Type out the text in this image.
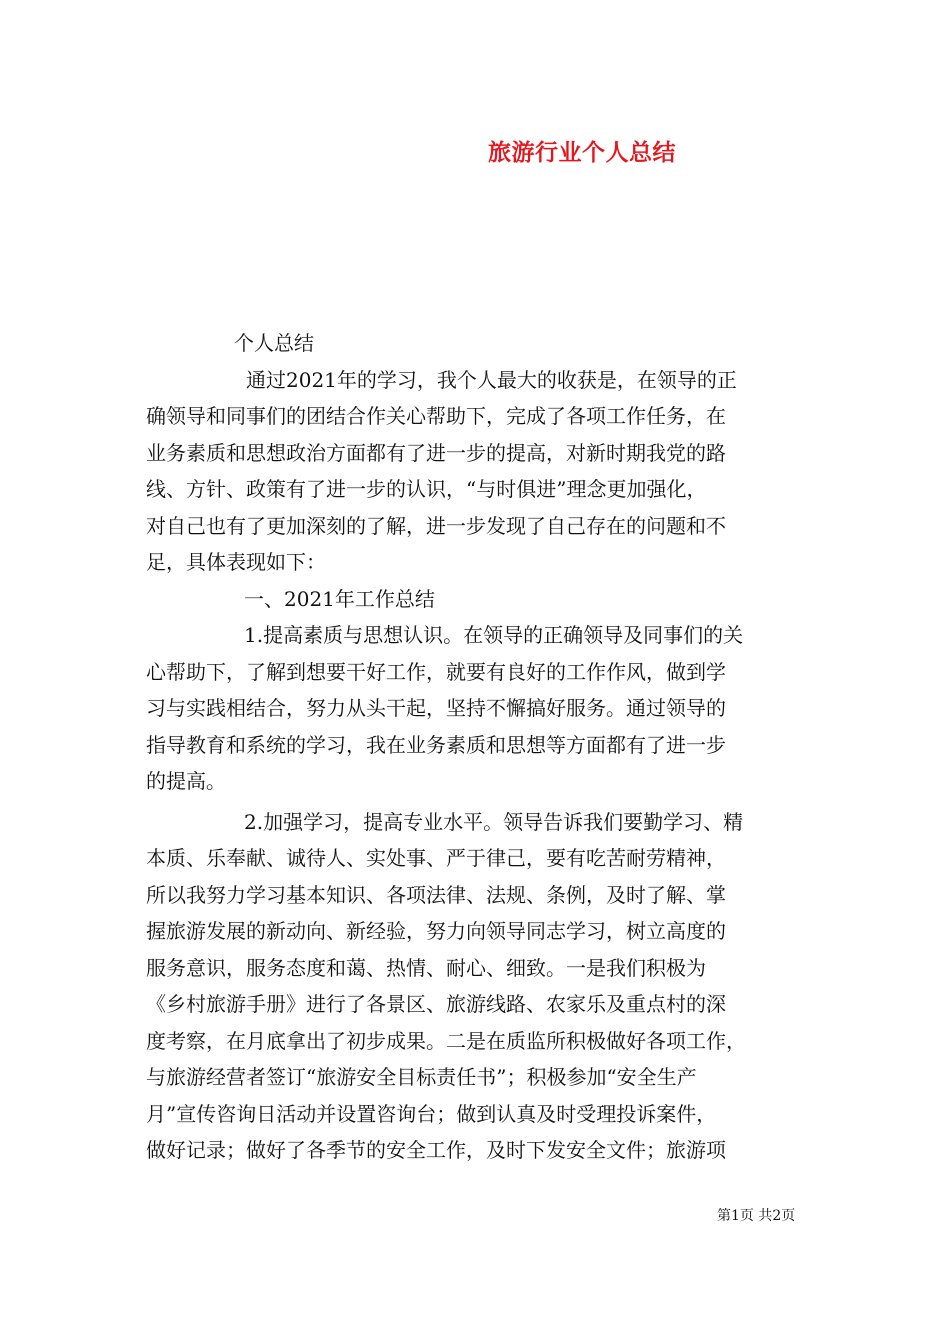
旅游行业个人总结
个人总结
通过2021年的学习，我个人最大的收获是，在领导的正
确领导和同事们的团结合作关心帮助下，完成了各项工作任务，在
业务素质和思想政治方面都有了进一步的提高，对新时期我党的路
线、方针、政策有了进一步的认识，“与时俱进”理念更加强化，
对自己也有了更加深刻的了解，进一步发现了自己存在的问题和不
足，具体表现如下：
一、2021年工作总结
1.提高素质与思想认识。在领导的正确领导及同事们的关
心帮助下，了解到想要干好工作，就要有良好的工作作风，做到学
习与实践相结合，努力从头干起，坚持不懈搞好服务。通过领导的
指导教育和系统的学习，我在业务素质和思想等方面都有了进一步
的提高。
2.加强学习，提高专业水平。领导告诉我们要勤学习、精
本质、乐奉献、诚待人、实处事、严于律己，要有吃苦耐劳精神，
所以我努力学习基本知识、各项法律、法规、条例，及时了解、掌
握旅游发展的新动向、新经验，努力向领导同志学习，树立高度的
服务意识，服务态度和蔼、热情、耐心、细致。一是我们积极为
《乡村旅游手册》进行了各景区、旅游线路、农家乐及重点村的深
度考察，在月底拿出了初步成果。二是在质监所积极做好各项工作，
与旅游经营者签订“旅游安全目标责任书”；积极参加“安全生产
月”宣传咨询日活动并设置咨询台；做到认真及时受理投诉案件，
做好记录；做好了各季节的安全工作，及时下发安全文件；旅游项
第1页 共2页
